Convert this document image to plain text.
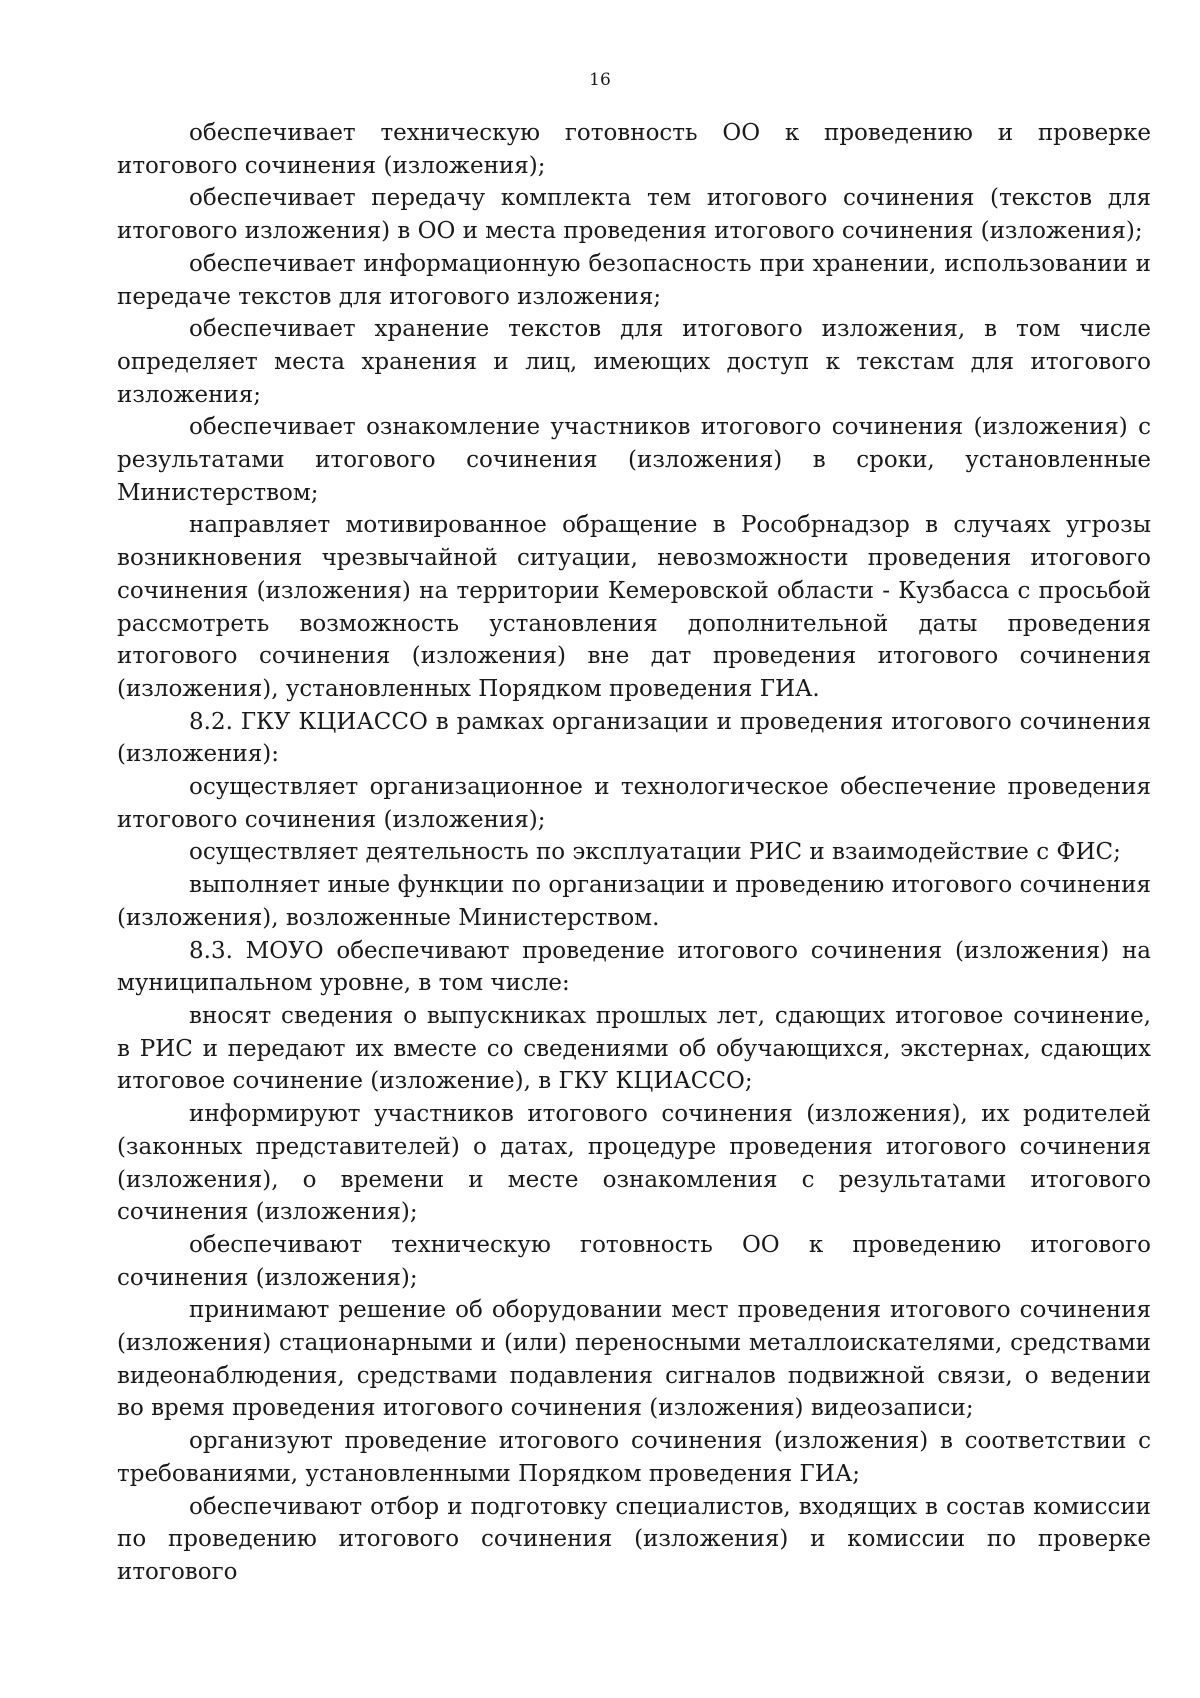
16

обеспечивает техническую готовность ОО к проведению и проверке итогового сочинения (изложения);

обеспечивает передачу комплекта тем итогового сочинения (текстов для итогового изложения) в ОО и места проведения итогового сочинения (изложения);

обеспечивает информационную безопасность при хранении, использовании и передаче текстов для итогового изложения;

обеспечивает хранение текстов для итогового изложения, в том числе определяет места хранения и лиц, имеющих доступ к текстам для итогового изложения;

обеспечивает ознакомление участников итогового сочинения (изложения) с результатами итогового сочинения (изложения) в сроки, установленные Министерством;

направляет мотивированное обращение в Рособрнадзор в случаях угрозы возникновения чрезвычайной ситуации, невозможности проведения итогового сочинения (изложения) на территории Кемеровской области - Кузбасса с просьбой рассмотреть возможность установления дополнительной даты проведения итогового сочинения (изложения) вне дат проведения итогового сочинения (изложения), установленных Порядком проведения ГИА.

8.2. ГКУ КЦИАССО в рамках организации и проведения итогового сочинения (изложения):

осуществляет организационное и технологическое обеспечение проведения итогового сочинения (изложения);

осуществляет деятельность по эксплуатации РИС и взаимодействие с ФИС;

выполняет иные функции по организации и проведению итогового сочинения (изложения), возложенные Министерством.

8.3. МОУО обеспечивают проведение итогового сочинения (изложения) на муниципальном уровне, в том числе:

вносят сведения о выпускниках прошлых лет, сдающих итоговое сочинение, в РИС и передают их вместе со сведениями об обучающихся, экстернах, сдающих итоговое сочинение (изложение), в ГКУ КЦИАССО;

информируют участников итогового сочинения (изложения), их родителей (законных представителей) о датах, процедуре проведения итогового сочинения (изложения), о времени и месте ознакомления с результатами итогового сочинения (изложения);

обеспечивают техническую готовность ОО к проведению итогового сочинения (изложения);

принимают решение об оборудовании мест проведения итогового сочинения (изложения) стационарными и (или) переносными металлоискателями, средствами видеонаблюдения, средствами подавления сигналов подвижной связи, о ведении во время проведения итогового сочинения (изложения) видеозаписи;

организуют проведение итогового сочинения (изложения) в соответствии с требованиями, установленными Порядком проведения ГИА;

обеспечивают отбор и подготовку специалистов, входящих в состав комиссии по проведению итогового сочинения (изложения) и комиссии по проверке итогового
